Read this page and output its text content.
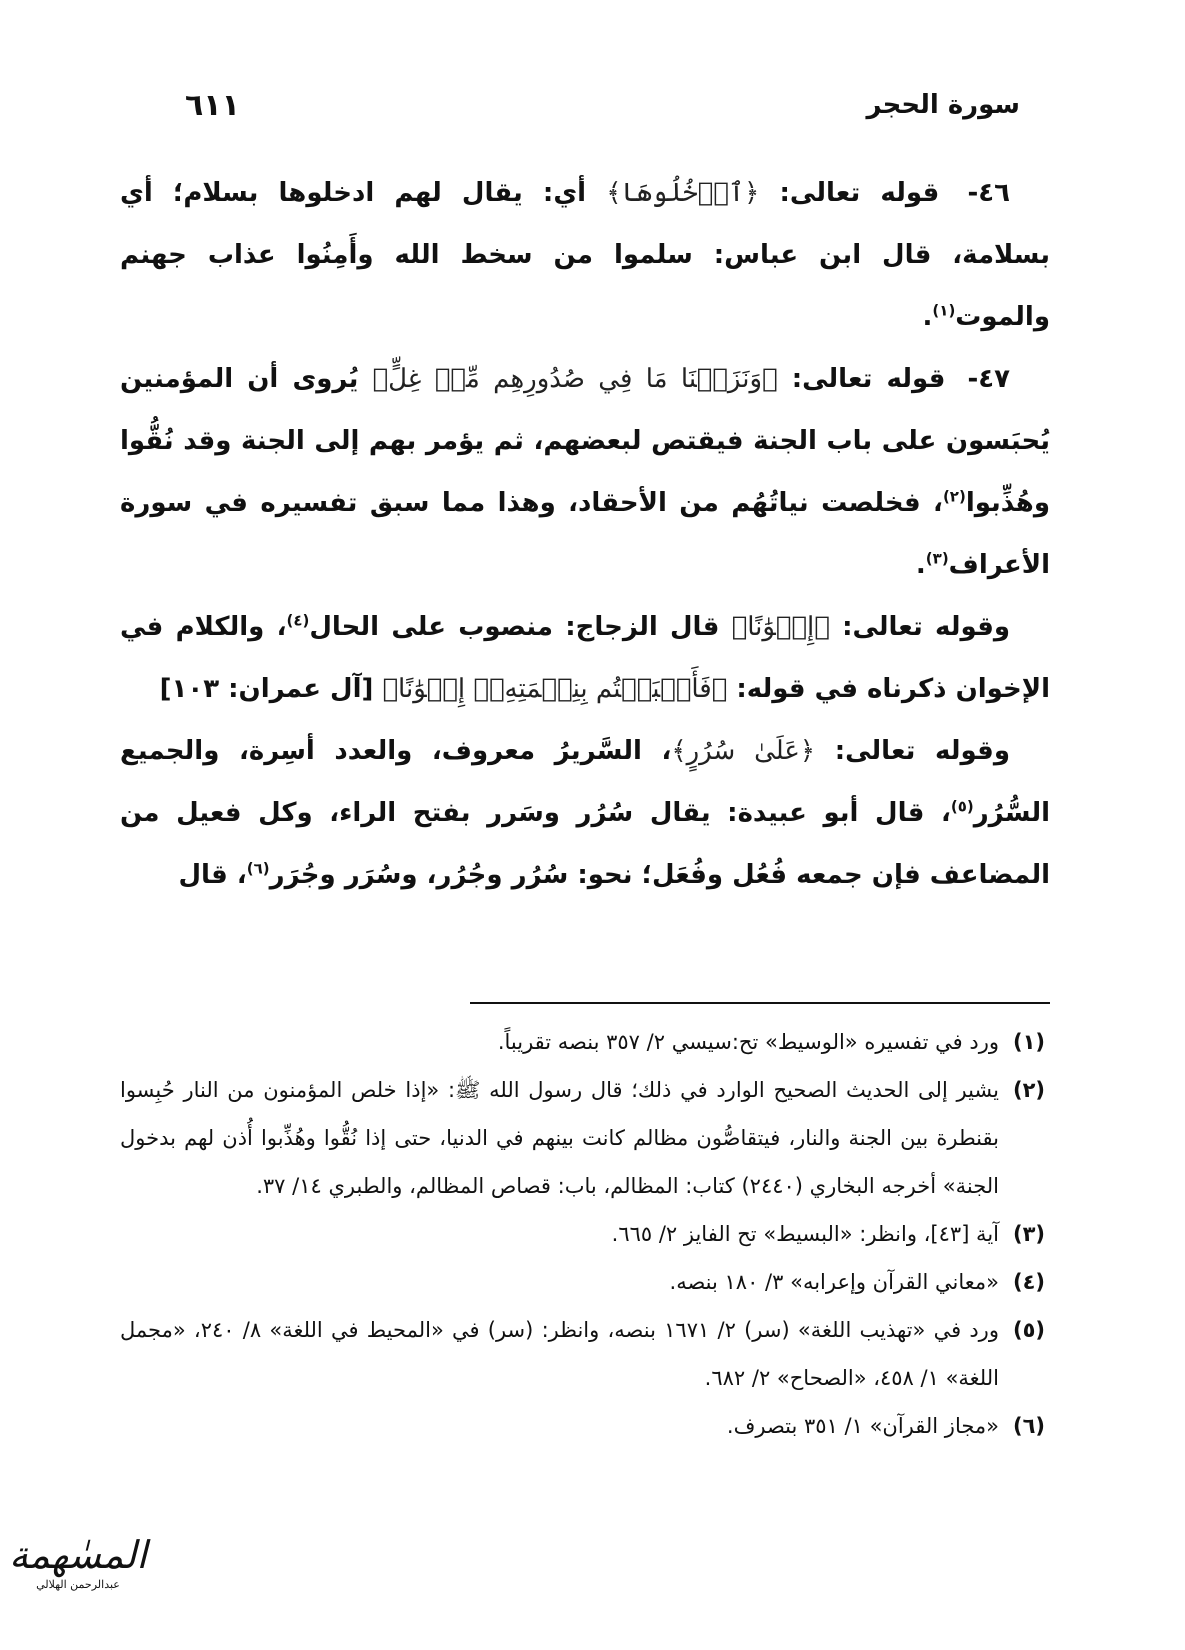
سورة الحجر
٦١١

٤٦- قوله تعالى: ﴿ٱدۡخُلُوهَا﴾ أي: يقال لهم ادخلوها بسلام؛ أي بسلامة، قال ابن عباس: سلموا من سخط الله وأَمِنُوا عذاب جهنم والموت$^{(١)}$.

٤٧- قوله تعالى: ﴿وَنَزَعۡنَا مَا فِي صُدُورِهِم مِّنۡ غِلٍّ﴾ يُروى أن المؤمنين يُحبَسون على باب الجنة فيقتص لبعضهم، ثم يؤمر بهم إلى الجنة وقد نُقُّوا وهُذِّبوا$^{(٢)}$، فخلصت نياتُهُم من الأحقاد، وهذا مما سبق تفسيره في سورة الأعراف$^{(٣)}$.

وقوله تعالى: ﴿إِخۡوَٰنًا﴾ قال الزجاج: منصوب على الحال$^{(٤)}$، والكلام في الإخوان ذكرناه في قوله: ﴿فَأَصۡبَحۡتُم بِنِعۡمَتِهِۦٓ إِخۡوَٰنًا﴾ [آل عمران: ١٠٣]

وقوله تعالى: ﴿عَلَىٰ سُرُرٍ﴾، السَّريرُ معروف، والعدد أسِرة، والجميع السُّرُر$^{(٥)}$، قال أبو عبيدة: يقال سُرُر وسَرر بفتح الراء، وكل فعيل من المضاعف فإن جمعه فُعُل وفُعَل؛ نحو: سُرُر وجُرُر، وسُرَر وجُرَر$^{(٦)}$، قال

(١)
ورد في تفسيره «الوسيط» تح:سيسي ٢/ ٣٥٧ بنصه تقريباً.

(٢)
يشير إلى الحديث الصحيح الوارد في ذلك؛ قال رسول الله ﷺ: «إذا خلص المؤمنون من النار حُبِسوا بقنطرة بين الجنة والنار، فيتقاصُّون مظالم كانت بينهم في الدنيا، حتى إذا نُقُّوا وهُذِّبوا أُذن لهم بدخول الجنة» أخرجه البخاري (٢٤٤٠) كتاب: المظالم، باب: قصاص المظالم، والطبري ١٤/ ٣٧.

(٣)
آية [٤٣]، وانظر: «البسيط» تح الفايز ٢/ ٦٦٥.

(٤)
«معاني القرآن وإعرابه» ٣/ ١٨٠ بنصه.

(٥)
ورد في «تهذيب اللغة» (سر) ٢/ ١٦٧١ بنصه، وانظر: (سر) في «المحيط في اللغة» ٨/ ٢٤٠، «مجمل اللغة» ١/ ٤٥٨، «الصحاح» ٢/ ٦٨٢.

(٦)
«مجاز القرآن» ١/ ٣٥١ بتصرف.

المسٰهمة
عبدالرحمن الهلالي
